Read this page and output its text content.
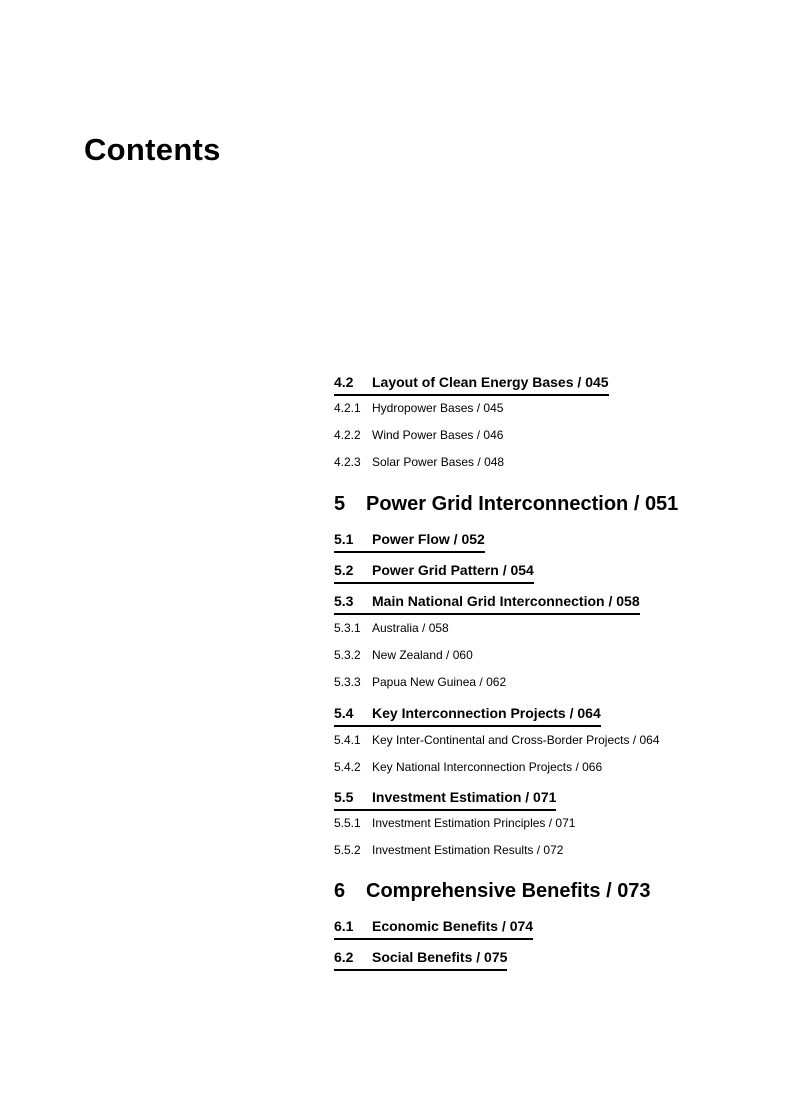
Contents
4.2	Layout of Clean Energy Bases / 045
4.2.1 Hydropower Bases / 045
4.2.2 Wind Power Bases / 046
4.2.3 Solar Power Bases / 048
5	Power Grid Interconnection / 051
5.1	Power Flow / 052
5.2	Power Grid Pattern / 054
5.3	Main National Grid Interconnection / 058
5.3.1 Australia / 058
5.3.2 New Zealand / 060
5.3.3 Papua New Guinea / 062
5.4	Key Interconnection Projects / 064
5.4.1 Key Inter-Continental and Cross-Border Projects / 064
5.4.2 Key National Interconnection Projects / 066
5.5	Investment Estimation / 071
5.5.1 Investment Estimation Principles / 071
5.5.2 Investment Estimation Results / 072
6	Comprehensive Benefits / 073
6.1	Economic Benefits / 074
6.2	Social Benefits / 075
